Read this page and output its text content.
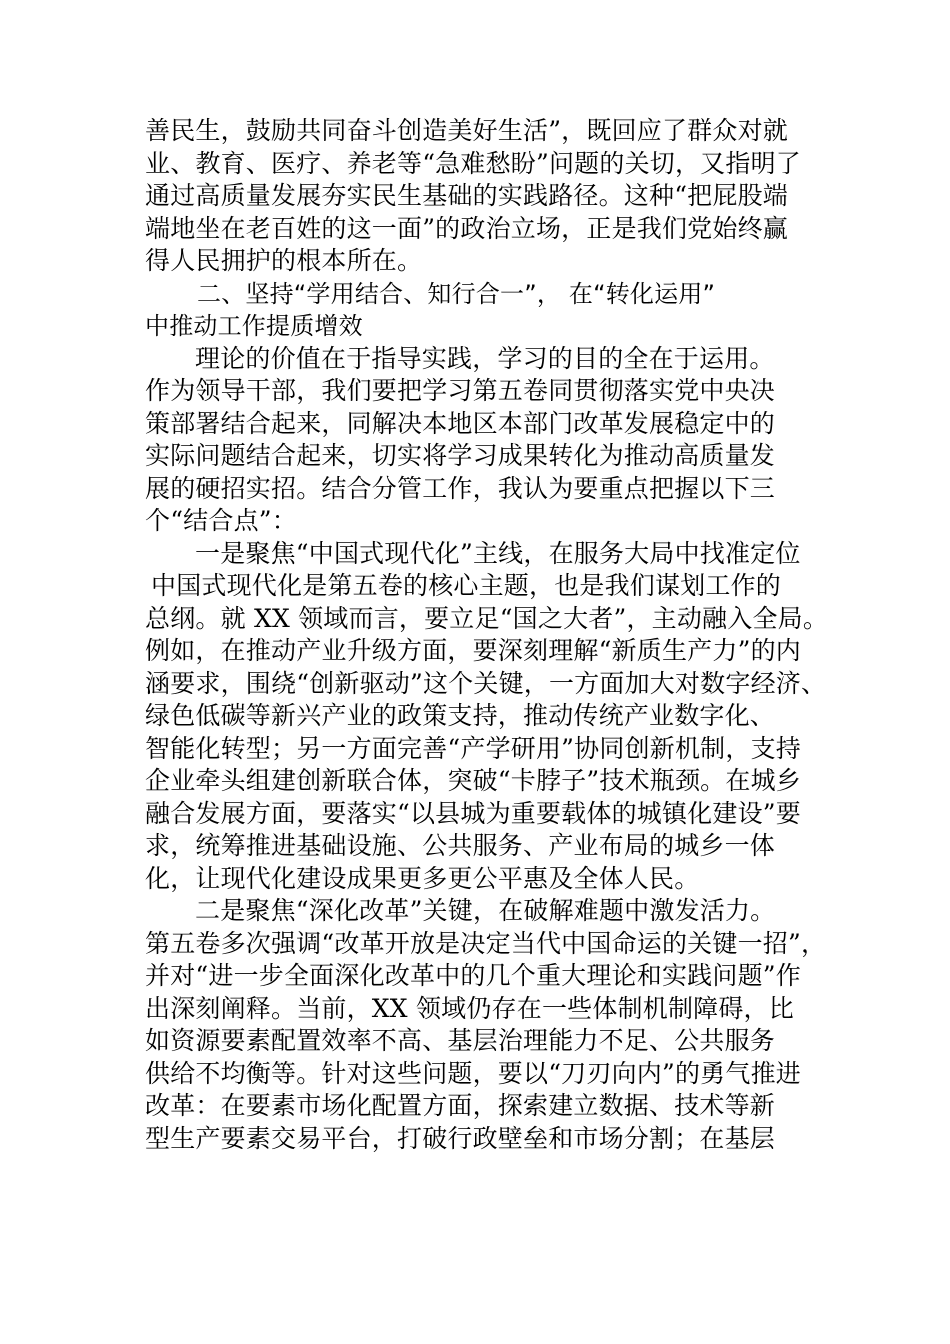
善民生，鼓励共同奋斗创造美好生活”，既回应了群众对就
业、教育、医疗、养老等“急难愁盼”问题的关切，又指明了
通过高质量发展夯实民生基础的实践路径。这种“把屁股端
端地坐在老百姓的这一面”的政治立场，正是我们党始终赢
得人民拥护的根本所在。
二、坚持“学用结合、知行合一”， 在“转化运用”
中推动工作提质增效
理论的价值在于指导实践，学习的目的全在于运用。
作为领导干部，我们要把学习第五卷同贯彻落实党中央决
策部署结合起来，同解决本地区本部门改革发展稳定中的
实际问题结合起来，切实将学习成果转化为推动高质量发
展的硬招实招。结合分管工作，我认为要重点把握以下三
个“结合点”：
一是聚焦“中国式现代化”主线，在服务大局中找准定位
中国式现代化是第五卷的核心主题，也是我们谋划工作的
总纲。就 XX 领域而言，要立足“国之大者”，主动融入全局。
例如，在推动产业升级方面，要深刻理解“新质生产力”的内
涵要求，围绕“创新驱动”这个关键，一方面加大对数字经济、
绿色低碳等新兴产业的政策支持，推动传统产业数字化、
智能化转型；另一方面完善“产学研用”协同创新机制，支持
企业牵头组建创新联合体，突破“卡脖子”技术瓶颈。在城乡
融合发展方面，要落实“以县城为重要载体的城镇化建设”要
求，统筹推进基础设施、公共服务、产业布局的城乡一体
化，让现代化建设成果更多更公平惠及全体人民。
二是聚焦“深化改革”关键，在破解难题中激发活力。
第五卷多次强调“改革开放是决定当代中国命运的关键一招”，
并对“进一步全面深化改革中的几个重大理论和实践问题”作
出深刻阐释。当前，XX 领域仍存在一些体制机制障碍，比
如资源要素配置效率不高、基层治理能力不足、公共服务
供给不均衡等。针对这些问题，要以“刀刃向内”的勇气推进
改革：在要素市场化配置方面，探索建立数据、技术等新
型生产要素交易平台，打破行政壁垒和市场分割；在基层
